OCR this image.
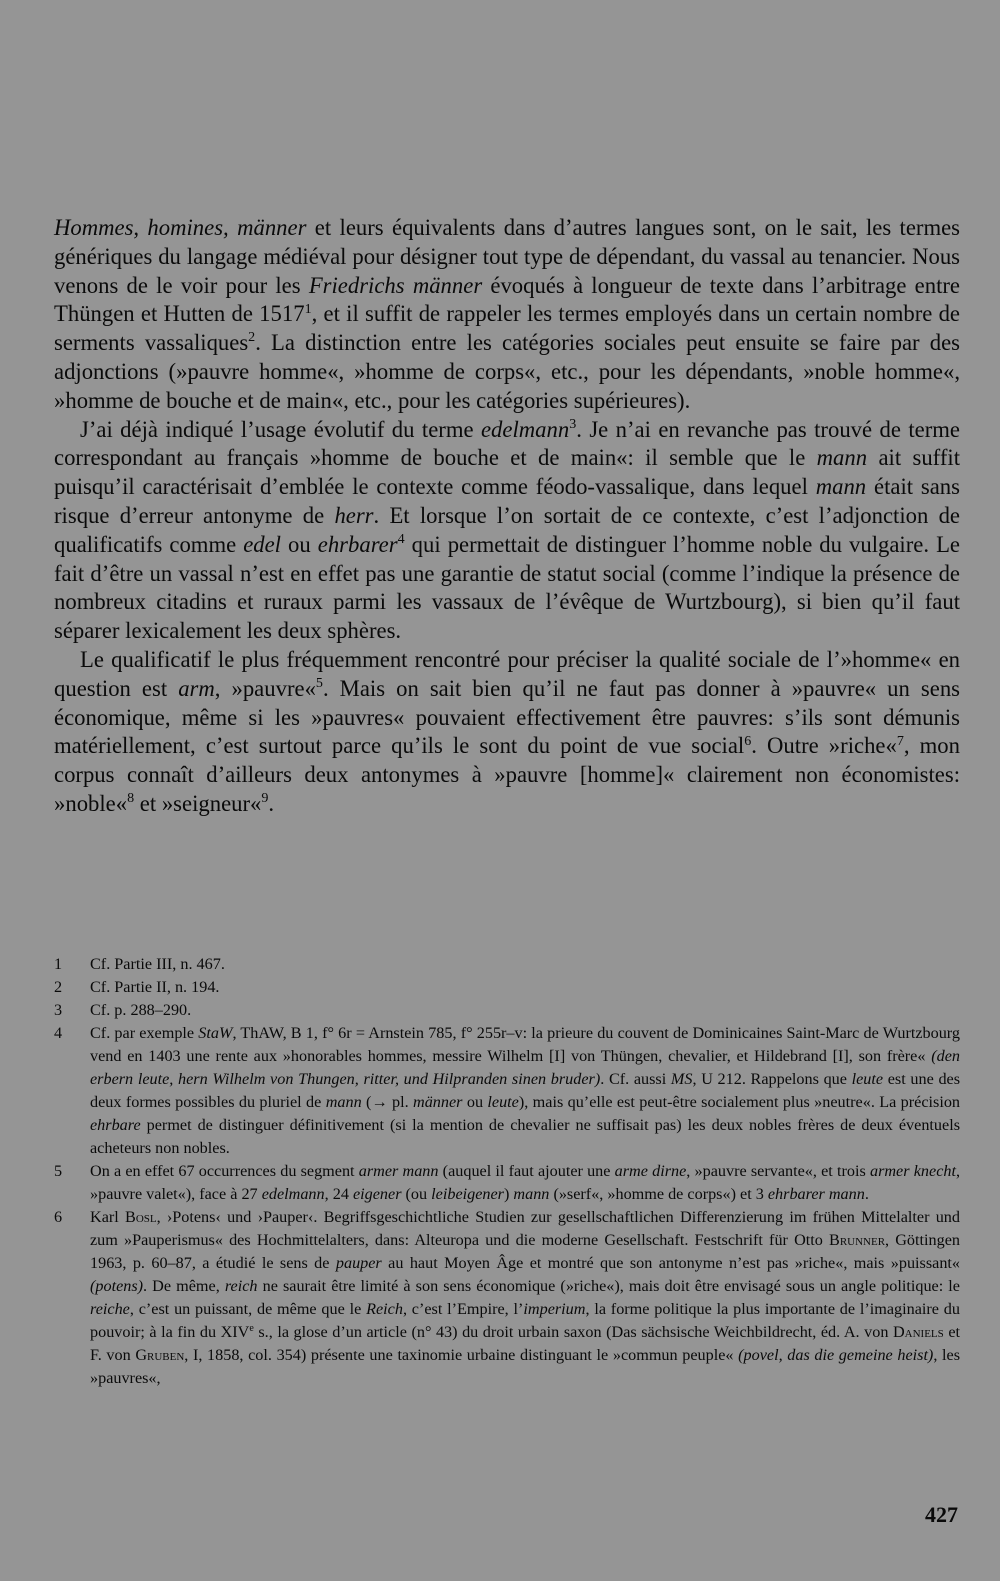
Hommes, homines, männer et leurs équivalents dans d’autres langues sont, on le sait, les termes génériques du langage médiéval pour désigner tout type de dépendant, du vassal au tenancier. Nous venons de le voir pour les Friedrichs männer évoqués à longueur de texte dans l’arbitrage entre Thüngen et Hutten de 1517$^1$, et il suffit de rappeler les termes employés dans un certain nombre de serments vassaliques$^2$. La distinction entre les catégories sociales peut ensuite se faire par des adjonctions (»pauvre homme«, »homme de corps«, etc., pour les dépendants, »noble homme«, »homme de bouche et de main«, etc., pour les catégories supérieures).

J’ai déjà indiqué l’usage évolutif du terme edelmann$^3$. Je n’ai en revanche pas trouvé de terme correspondant au français »homme de bouche et de main«: il semble que le mann ait suffit puisqu’il caractérisait d’emblée le contexte comme féodo-vassalique, dans lequel mann était sans risque d’erreur antonyme de herr. Et lorsque l’on sortait de ce contexte, c’est l’adjonction de qualificatifs comme edel ou ehrbarer$^4$ qui permettait de distinguer l’homme noble du vulgaire. Le fait d’être un vassal n’est en effet pas une garantie de statut social (comme l’indique la présence de nombreux citadins et ruraux parmi les vassaux de l’évêque de Wurtzbourg), si bien qu’il faut séparer lexicalement les deux sphères.

Le qualificatif le plus fréquemment rencontré pour préciser la qualité sociale de l’»homme« en question est arm, »pauvre«$^5$. Mais on sait bien qu’il ne faut pas donner à »pauvre« un sens économique, même si les »pauvres« pouvaient effectivement être pauvres: s’ils sont démunis matériellement, c’est surtout parce qu’ils le sont du point de vue social$^6$. Outre »riche«$^7$, mon corpus connaît d’ailleurs deux antonymes à »pauvre [homme]« clairement non économistes: »noble«$^8$ et »seigneur«$^9$.

1	Cf. Partie III, n. 467.
2	Cf. Partie II, n. 194.
3	Cf. p. 288–290.
4	Cf. par exemple StaW, ThAW, B 1, f° 6r = Arnstein 785, f° 255r–v: la prieure du couvent de Dominicaines Saint-Marc de Wurtzbourg vend en 1403 une rente aux »honorables hommes, messire Wilhelm [I] von Thüngen, chevalier, et Hildebrand [I], son frère« (den erbern leute, hern Wilhelm von Thungen, ritter, und Hilpranden sinen bruder). Cf. aussi MS, U 212. Rappelons que leute est une des deux formes possibles du pluriel de mann (→ pl. männer ou leute), mais qu’elle est peut-être socialement plus »neutre«. La précision ehrbare permet de distinguer définitivement (si la mention de chevalier ne suffisait pas) les deux nobles frères de deux éventuels acheteurs non nobles.
5	On a en effet 67 occurrences du segment armer mann (auquel il faut ajouter une arme dirne, »pauvre servante«, et trois armer knecht, »pauvre valet«), face à 27 edelmann, 24 eigener (ou leibeigener) mann (»serf«, »homme de corps«) et 3 ehrbarer mann.
6	Karl Bosl, ›Potens‹ und ›Pauper‹. Begriffsgeschichtliche Studien zur gesellschaftlichen Differenzierung im frühen Mittelalter und zum »Pauperismus« des Hochmittelalters, dans: Alteuropa und die moderne Gesellschaft. Festschrift für Otto Brunner, Göttingen 1963, p. 60–87, a étudié le sens de pauper au haut Moyen Âge et montré que son antonyme n’est pas »riche«, mais »puissant« (potens). De même, reich ne saurait être limité à son sens économique (»riche«), mais doit être envisagé sous un angle politique: le reiche, c’est un puissant, de même que le Reich, c’est l’Empire, l’imperium, la forme politique la plus importante de l’imaginaire du pouvoir; à la fin du XIVe s., la glose d’un article (n° 43) du droit urbain saxon (Das sächsische Weichbildrecht, éd. A. von Daniels et F. von Gruben, I, 1858, col. 354) présente une taxinomie urbaine distinguant le »commun peuple« (povel, das die gemeine heist), les »pauvres«,
427
